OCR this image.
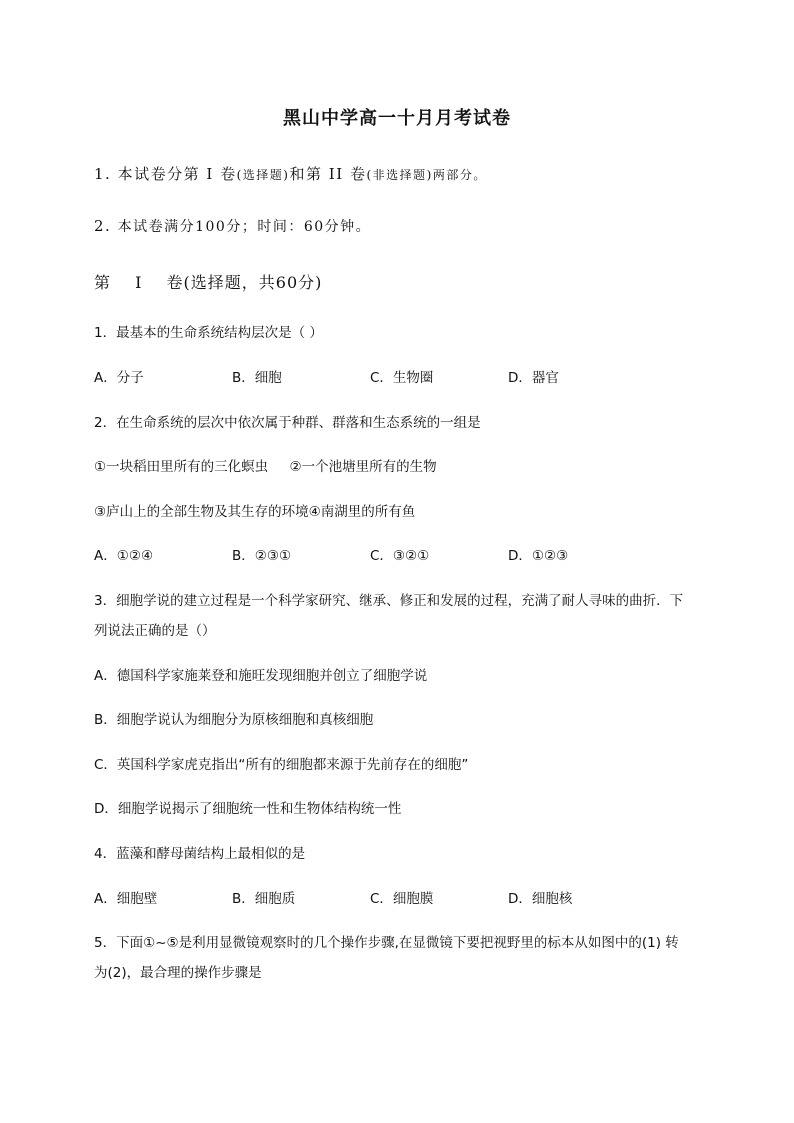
黑山中学高一十月月考试卷
1. 本试卷分第 Ⅰ 卷(选择题)和第 ⅠⅠ 卷(非选择题)两部分。
2. 本试卷满分100分；时间：60分钟。
第 Ⅰ 卷(选择题，共60分)
1．最基本的生命系统结构层次是（ ）
A．分子	B．细胞	C．生物圈	D．器官
2．在生命系统的层次中依次属于种群、群落和生态系统的一组是
①一块稻田里所有的三化螟虫     ②一个池塘里所有的生物
③庐山上的全部生物及其生存的环境④南湖里的所有鱼
A．①②④	B．②③①	C．③②①	D．①②③
3．细胞学说的建立过程是一个科学家研究、继承、修正和发展的过程，充满了耐人寻味的曲折．下
列说法正确的是（）
A．德国科学家施莱登和施旺发现细胞并创立了细胞学说
B．细胞学说认为细胞分为原核细胞和真核细胞
C．英国科学家虎克指出“所有的细胞都来源于先前存在的细胞”
D．细胞学说揭示了细胞统一性和生物体结构统一性
4．蓝藻和酵母菌结构上最相似的是
A．细胞壁	B．细胞质	C．细胞膜	D．细胞核
5．下面①~⑤是利用显微镜观察时的几个操作步骤,在显微镜下要把视野里的标本从如图中的(1) 转
为(2)，最合理的操作步骤是
